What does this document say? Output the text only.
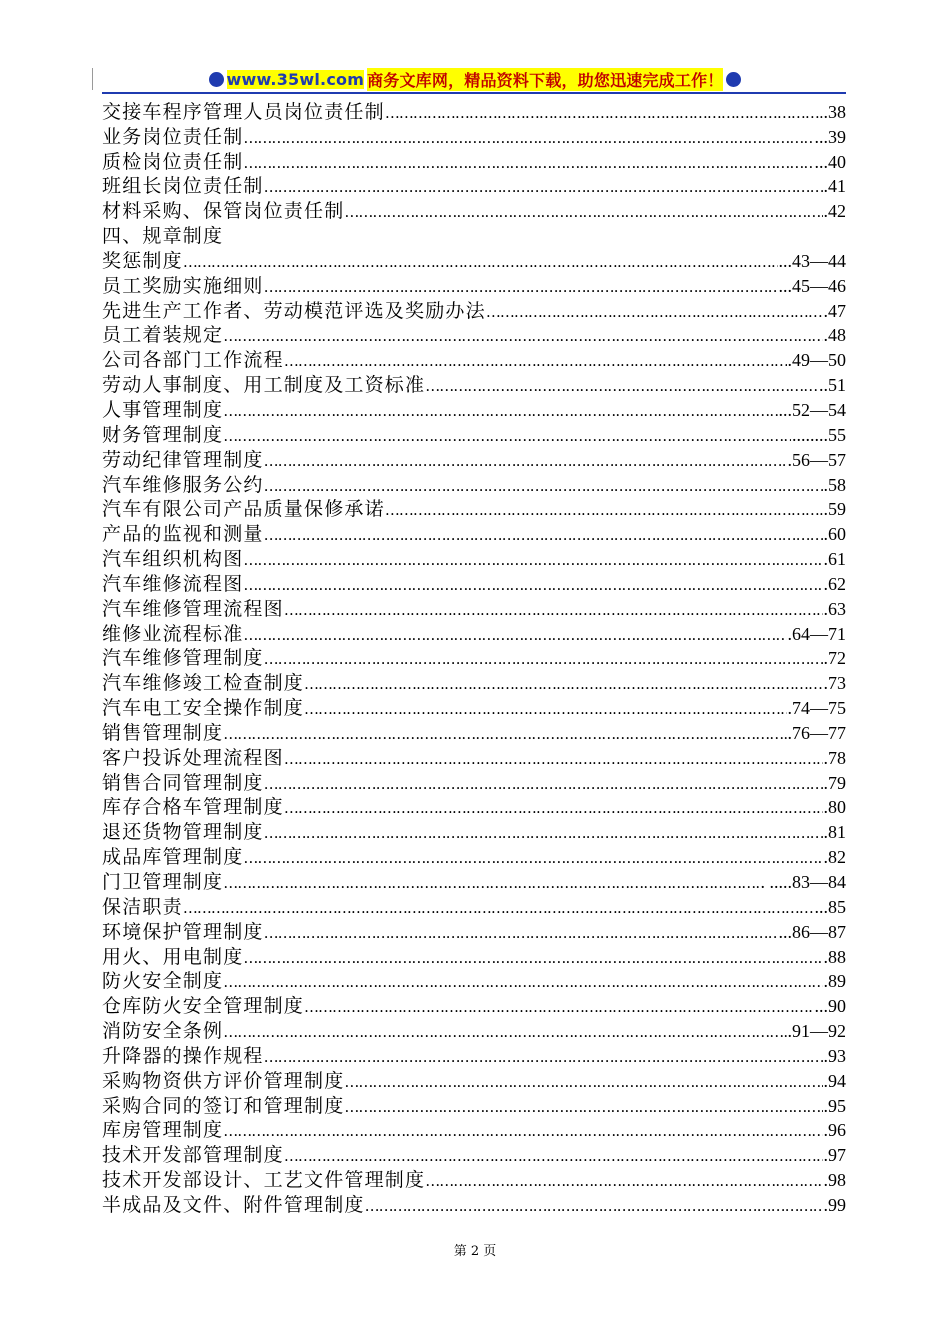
www.35wl.com 商务文库网，精品资料下载，助您迅速完成工作！
交接车程序管理人员岗位责任制 ……………………………………………………………………………………………………………………………………………………………………………………	.38
业务岗位责任制 ……………………………………………………………………………………………………………………………………………………………………………………	...39
质检岗位责任制 ……………………………………………………………………………………………………………………………………………………………………………………	...40
班组长岗位责任制 ……………………………………………………………………………………………………………………………………………………………………………………	.41
材料采购、保管岗位责任制 ……………………………………………………………………………………………………………………………………………………………………………………	.42
四、规章制度
奖惩制度 ……………………………………………………………………………………………………………………………………………………………………………………	...43—44
员工奖励实施细则 ……………………………………………………………………………………………………………………………………………………………………………………	...45—46
先进生产工作者、劳动模范评选及奖励办法 ……………………………………………………………………………………………………………………………………………………………………………………	.47
员工着装规定 ……………………………………………………………………………………………………………………………………………………………………………………	.48
公司各部门工作流程 ……………………………………………………………………………………………………………………………………………………………………………………	.49—50
劳动人事制度、用工制度及工资标准 ……………………………………………………………………………………………………………………………………………………………………………………	..51
人事管理制度 ……………………………………………………………………………………………………………………………………………………………………………………	...52—54
财务管理制度 ……………………………………………………………………………………………………………………………………………………………………………………	........55
劳动纪律管理制度 ……………………………………………………………………………………………………………………………………………………………………………………	.56—57
汽车维修服务公约 ……………………………………………………………………………………………………………………………………………………………………………………	.58
汽车有限公司产品质量保修承诺 ……………………………………………………………………………………………………………………………………………………………………………………	.59
产品的监视和测量 ……………………………………………………………………………………………………………………………………………………………………………………	.60
汽车组织机构图 ……………………………………………………………………………………………………………………………………………………………………………………	.61
汽车维修流程图 ……………………………………………………………………………………………………………………………………………………………………………………	.62
汽车维修管理流程图 ……………………………………………………………………………………………………………………………………………………………………………………	.63
维修业流程标准 ……………………………………………………………………………………………………………………………………………………………………………………	.64—71
汽车维修管理制度 ……………………………………………………………………………………………………………………………………………………………………………………	.72
汽车维修竣工检查制度 ……………………………………………………………………………………………………………………………………………………………………………………	.73
汽车电工安全操作制度 ……………………………………………………………………………………………………………………………………………………………………………………	.74—75
销售管理制度 ……………………………………………………………………………………………………………………………………………………………………………………	.76—77
客户投诉处理流程图 ……………………………………………………………………………………………………………………………………………………………………………………	.78
销售合同管理制度 ……………………………………………………………………………………………………………………………………………………………………………………	.79
库存合格车管理制度 ……………………………………………………………………………………………………………………………………………………………………………………	.80
退还货物管理制度 ……………………………………………………………………………………………………………………………………………………………………………………	.81
成品库管理制度 ……………………………………………………………………………………………………………………………………………………………………………………	.82
门卫管理制度 ……………………………………………………………………………………………………………………………………………………………………………………	. .....83—84
保洁职责 ……………………………………………………………………………………………………………………………………………………………………………………	...85
环境保护管理制度 ……………………………………………………………………………………………………………………………………………………………………………………	...86—87
用火、用电制度 ……………………………………………………………………………………………………………………………………………………………………………………	.88
防火安全制度 ……………………………………………………………………………………………………………………………………………………………………………………	.89
仓库防火安全管理制度 ……………………………………………………………………………………………………………………………………………………………………………………	...90
消防安全条例 ……………………………………………………………………………………………………………………………………………………………………………………	.91—92
升降器的操作规程 ……………………………………………………………………………………………………………………………………………………………………………………	.93
采购物资供方评价管理制度 ……………………………………………………………………………………………………………………………………………………………………………………	.94
采购合同的签订和管理制度 ……………………………………………………………………………………………………………………………………………………………………………………	.95
库房管理制度 ……………………………………………………………………………………………………………………………………………………………………………………	.96
技术开发部管理制度 ……………………………………………………………………………………………………………………………………………………………………………………	.97
技术开发部设计、工艺文件管理制度 ……………………………………………………………………………………………………………………………………………………………………………………	.98
半成品及文件、附件管理制度 ……………………………………………………………………………………………………………………………………………………………………………………	.99
第 2 页
